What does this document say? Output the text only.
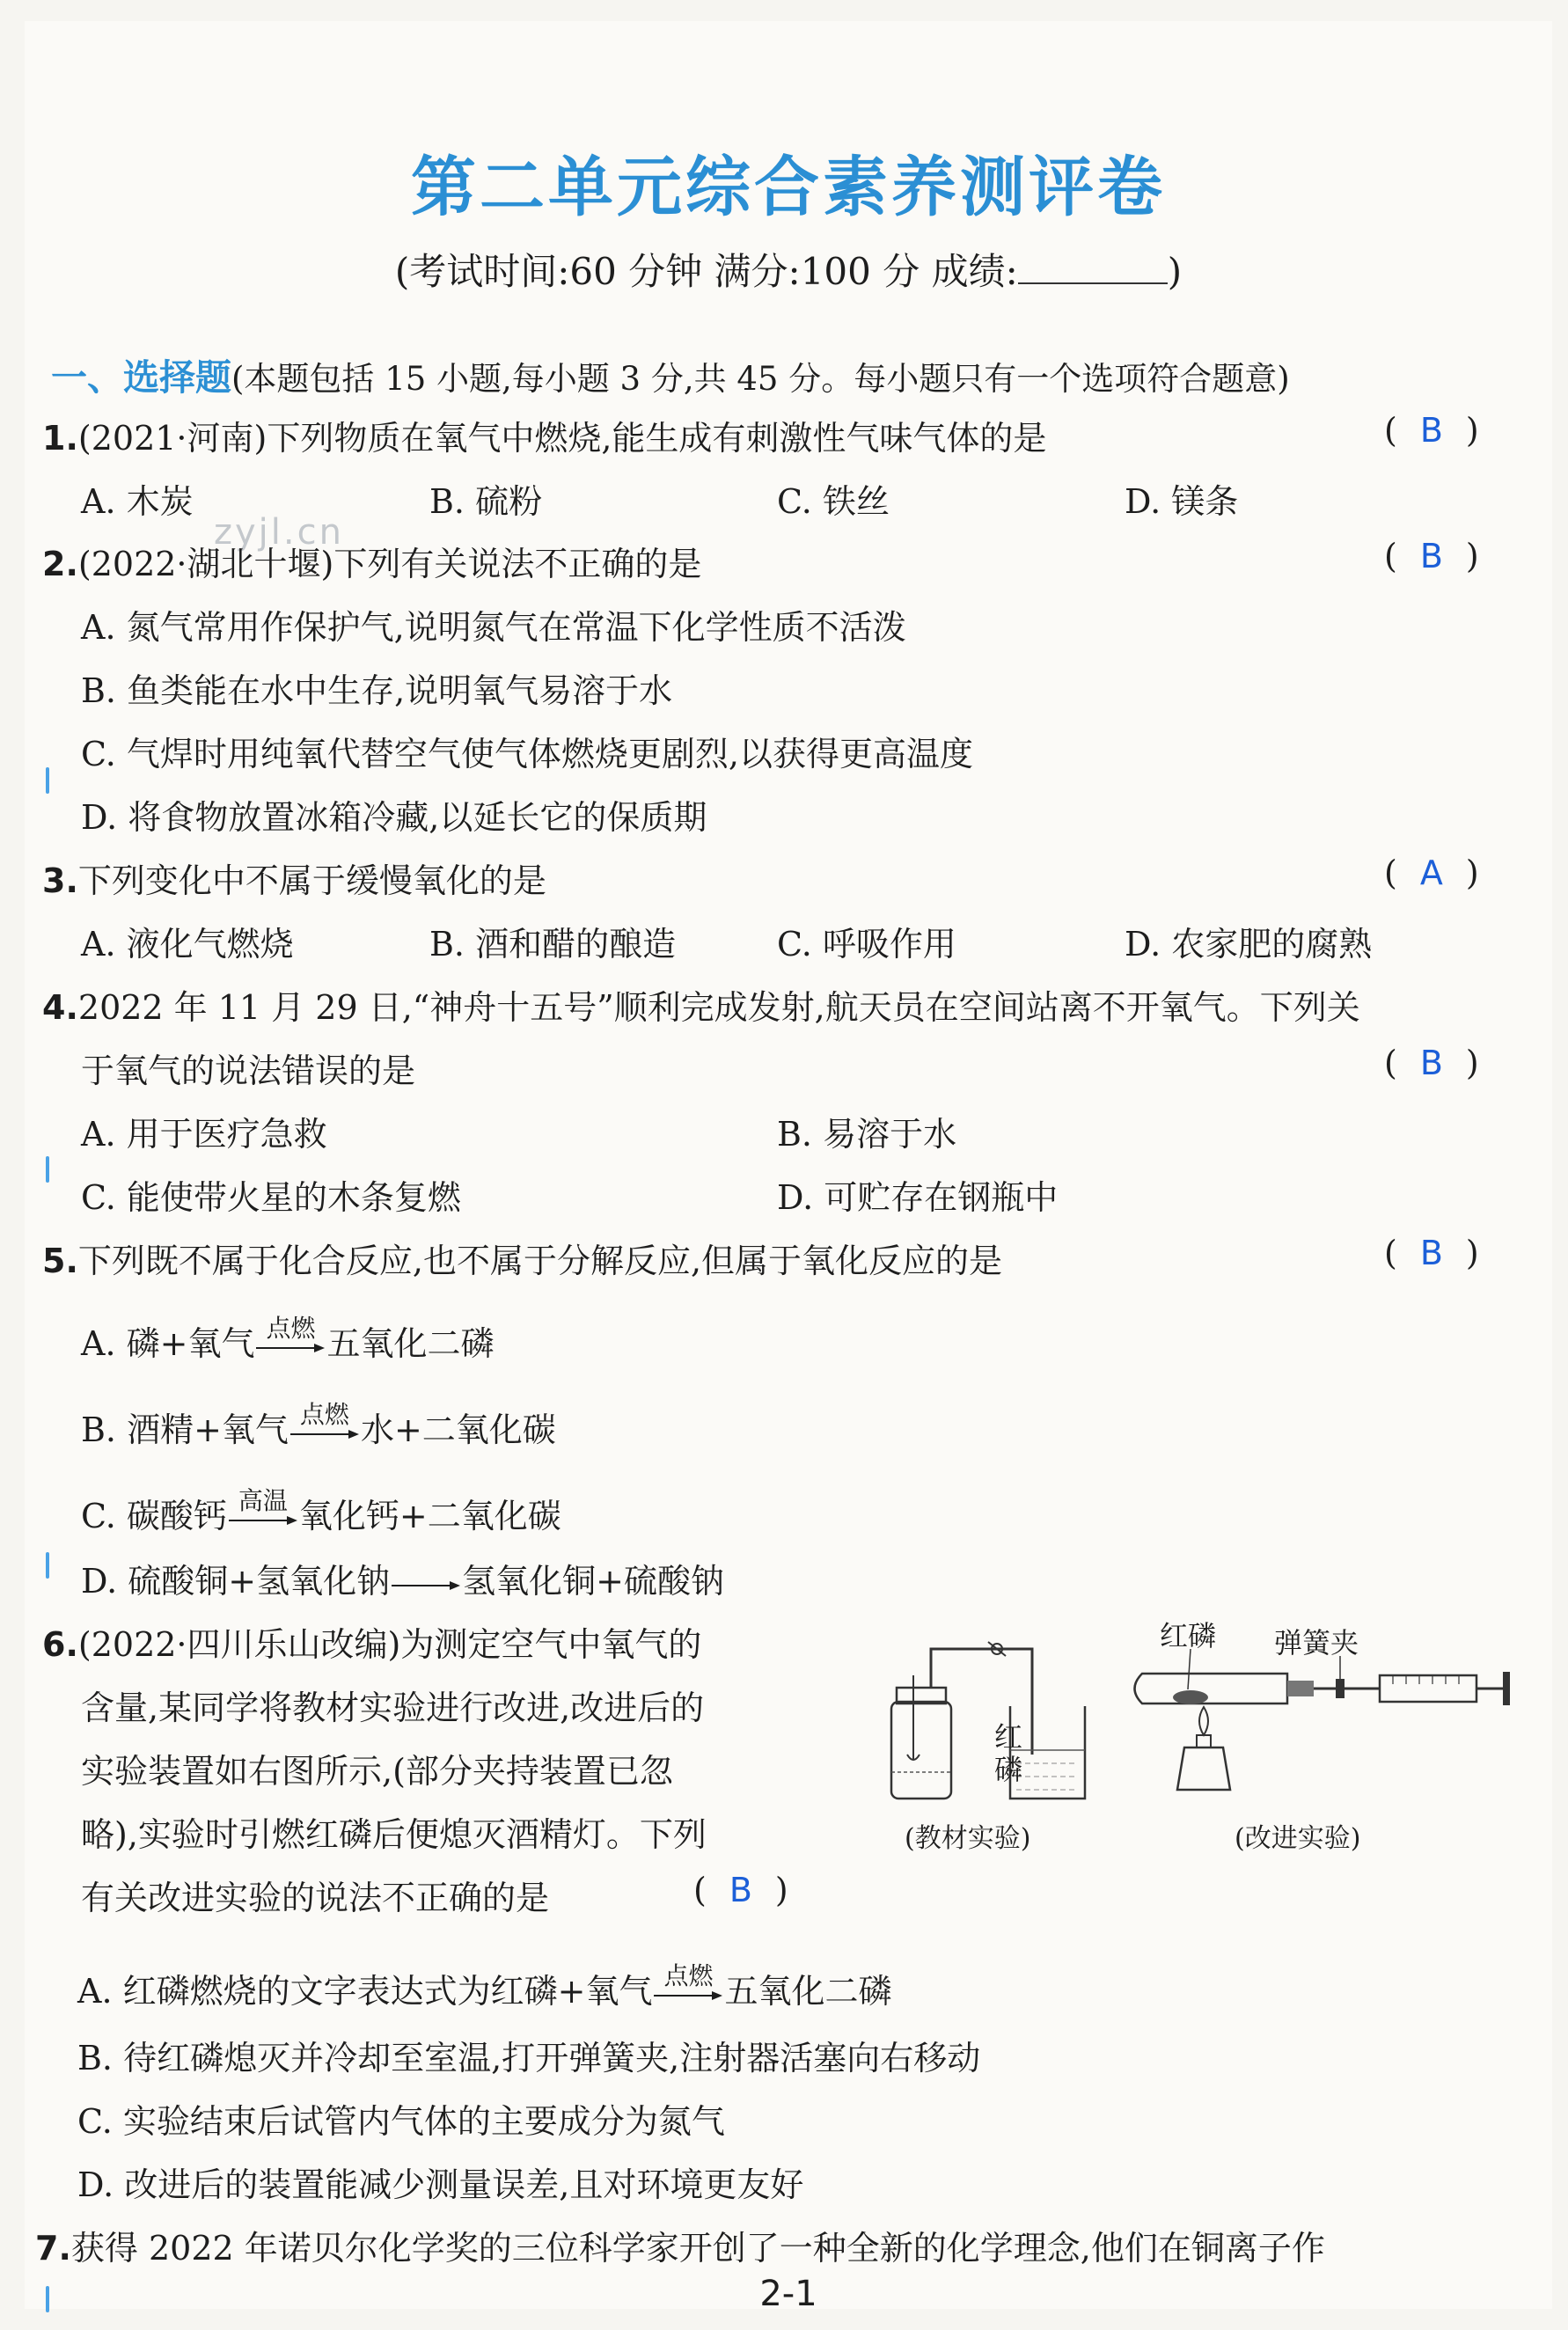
第二单元综合素养测评卷
(考试时间:60 分钟 满分:100 分 成绩:	)
一、选择题(本题包括 15 小题,每小题 3 分,共 45 分。每小题只有一个选项符合题意)
zyjl.cn
1.(2021·河南)下列物质在氧气中燃烧,能生成有刺激性气味气体的是	( B )
A. 木炭	B. 硫粉	C. 铁丝	D. 镁条
2.(2022·湖北十堰)下列有关说法不正确的是	( B )
A. 氮气常用作保护气,说明氮气在常温下化学性质不活泼
B. 鱼类能在水中生存,说明氧气易溶于水
C. 气焊时用纯氧代替空气使气体燃烧更剧烈,以获得更高温度
D. 将食物放置冰箱冷藏,以延长它的保质期
3.下列变化中不属于缓慢氧化的是	( A )
A. 液化气燃烧	B. 酒和醋的酿造	C. 呼吸作用	D. 农家肥的腐熟
4.2022 年 11 月 29 日,“神舟十五号”顺利完成发射,航天员在空间站离不开氧气。下列关
于氧气的说法错误的是	( B )
A. 用于医疗急救	B. 易溶于水
C. 能使带火星的木条复燃	D. 可贮存在钢瓶中
5.下列既不属于化合反应,也不属于分解反应,但属于氧化反应的是	( B )
A. 磷+氧气 点燃 五氧化二磷
B. 酒精+氧气 点燃 水+二氧化碳
C. 碳酸钙 高温 氧化钙+二氧化碳
D. 硫酸铜+氢氧化钠 → 氢氧化铜+硫酸钠
6.(2022·四川乐山改编)为测定空气中氧气的
含量,某同学将教材实验进行改进,改进后的
实验装置如右图所示,(部分夹持装置已忽
略),实验时引燃红磷后便熄灭酒精灯。下列
有关改进实验的说法不正确的是	( B )
红
磷
(教材实验)
红磷 弹簧夹
(改进实验)
A. 红磷燃烧的文字表达式为红磷+氧气 点燃 五氧化二磷
B. 待红磷熄灭并冷却至室温,打开弹簧夹,注射器活塞向右移动
C. 实验结束后试管内气体的主要成分为氮气
D. 改进后的装置能减少测量误差,且对环境更友好
7.获得 2022 年诺贝尔化学奖的三位科学家开创了一种全新的化学理念,他们在铜离子作
2-1
